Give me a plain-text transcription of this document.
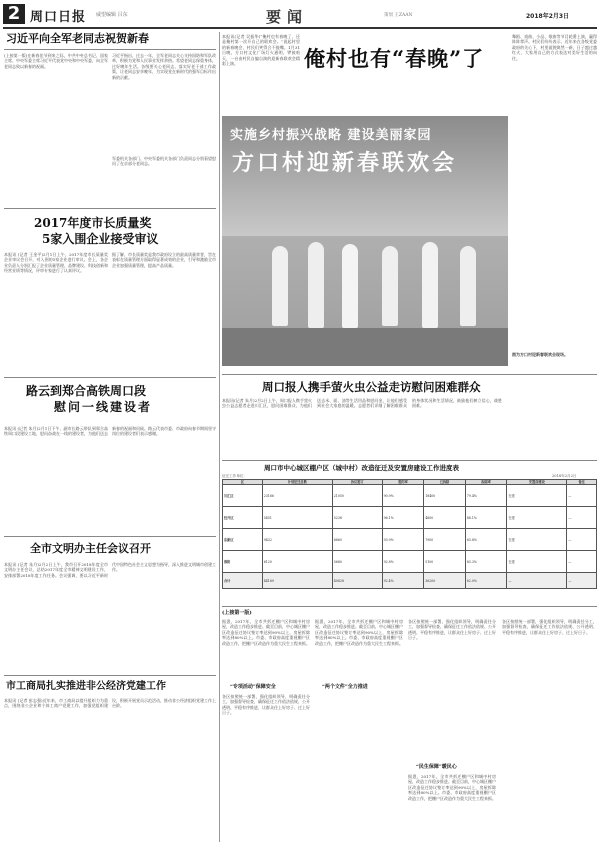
2 周口日报 威望编辑 吕东	要闻	策划 王ZAAN	2018年2月3日
习近平向全军老同志祝贺新春
(上接第一版)在新春佳节到来之际，中共中央总书记、国家主席、中央军委主席习近平代表党中央和中央军委，向全军老同志致以新春的祝福。
习近平指出，过去一年，全军老同志关心支持国防和军队改革，积极为党和人民事业发挥余热。希望老同志保重身体，过好晚年生活。各级要关心老同志，落实好老干部工作政策，让老同志安享晚年，为实现党在新时代的强军目标作出新的贡献。
军委机关各部门、中央军委机关各部门负责同志分别看望慰问了在京部分老同志。
2017年度市长质量奖
5家入围企业接受审议
本报讯 (记者 王金平)2月1日上午，2017年度市长质量奖企业审议会召开，对入围的5家企业进行审议。会上，各企业负责人分别汇报了企业质量管理、品牌建设、科技创新和经营业绩等情况，评审专家进行了认真评议。
据了解，市长质量奖是我市政府设立的最高质量荣誉，旨在表彰在质量管理方面取得显著成效的企业，引导和激励全市企业加强质量管理，提高产品质量。
路云到郑合高铁周口段
慰问一线建设者
本报讯 (记者 朱月)2月1日下午，副市长路云带队到郑合高铁周口段建设工地，慰问奋战在一线的建设者，为他们送去新春的祝福和问候。路云代表市委、市政府向春节期间坚守岗位的建设者们表示感谢。
全市文明办主任会议召开
本报讯 (记者 朱月)2月2日上午，我市召开2018年度全市文明办主任会议，总结2017年度全市精神文明建设工作，安排部署2018年度工作任务。会议强调，要以习近平新时代中国特色社会主义思想为指导，深入推进文明城市创建工作。
市工商局扎实推进非公经济党建工作
本报讯 (记者 彭志强)近年来，市工商局以提升组织力为重点，围绕非公企业和个体工商户党建工作，加强党组织建设，积极开展党员示范活动，推动非公经济组织党建工作上台阶。
本报讯(记者 吴振华)“俺村也有春晚了，还是俺村第一次开自己的联欢会。”说起村里的新春晚会，村民们笑得合不拢嘴。1月31日晚，方口村文化广场灯火通明，锣鼓喧天，一台由村民自编自演的迎新春联欢会精彩上演。	俺村也有“春晚”了
舞蹈、戏曲、小品、歌曲等节目轮番上演，赢得阵阵掌声。村民们纷纷表示，近年来在各级党委政府的关心下，村里面貌焕然一新，日子越过越红火，大家用自己的方式表达对美好生活的向往。
实施乡村振兴战略 建设美丽家园
方口村迎新春联欢会
图为方口村迎新春联欢会现场。
周口报人携手萤火虫公益走访慰问困难群众
本报讯(记者 朱月)2月2日上午，周口报人携手萤火虫公益志愿者走进川汇区，慰问困难群众，为他们送去米、面、油等生活用品和慰问金，让他们感受到社会大家庭的温暖。志愿者们详细了解困难群众的身体状况和生活情况，鼓励他们树立信心，战胜困难。
周口市中心城区棚户区（城中村）改造征迁及安置房建设工作进度表
征迁工作单位：	2018年2月2日
区	计划征迁总数	协议签订	签约率	已拆除	拆除率	安置房建设	备注
川汇区	23166	21050	90.9%	18400	79.4%	在建	—
经开区	5451	5238	96.1%	4800	88.1%	在建	—
东新区	9432	8860	93.9%	7900	83.8%	在建	—
淮阳	6120	5680	92.8%	5100	83.3%	在建	—
合计	44169	40828	92.4%	36200	82.0%	—	—
(上接第一版)
据悉，2017年，全市共拆迁棚户区和城中村房屋，改造工作稳步推进。截至目前，中心城区棚户区改造征迁协议签订率达到90%以上，房屋拆除率达到80%以上。市委、市政府高度重视棚户区改造工作，把棚户区改造作为重大民生工程来抓。
“专项活动”保障安全
各区按照统一部署，强化组织领导，明确责任分工，加强督导检查，确保征迁工作依法依规、公开透明、平稳有序推进，让群众住上好房子、过上好日子。
“两个文件”全力推进
据悉，2017年，全市共拆迁棚户区和城中村房屋，改造工作稳步推进。截至目前，中心城区棚户区改造征迁协议签订率达到90%以上，房屋拆除率达到80%以上。市委、市政府高度重视棚户区改造工作，把棚户区改造作为重大民生工程来抓。
各区按照统一部署，强化组织领导，明确责任分工，加强督导检查，确保征迁工作依法依规、公开透明、平稳有序推进，让群众住上好房子、过上好日子。
“民生保障”暖民心
据悉，2017年，全市共拆迁棚户区和城中村房屋，改造工作稳步推进。截至目前，中心城区棚户区改造征迁协议签订率达到90%以上，房屋拆除率达到80%以上。市委、市政府高度重视棚户区改造工作，把棚户区改造作为重大民生工程来抓。
各区按照统一部署，强化组织领导，明确责任分工，加强督导检查，确保征迁工作依法依规、公开透明、平稳有序推进，让群众住上好房子、过上好日子。
